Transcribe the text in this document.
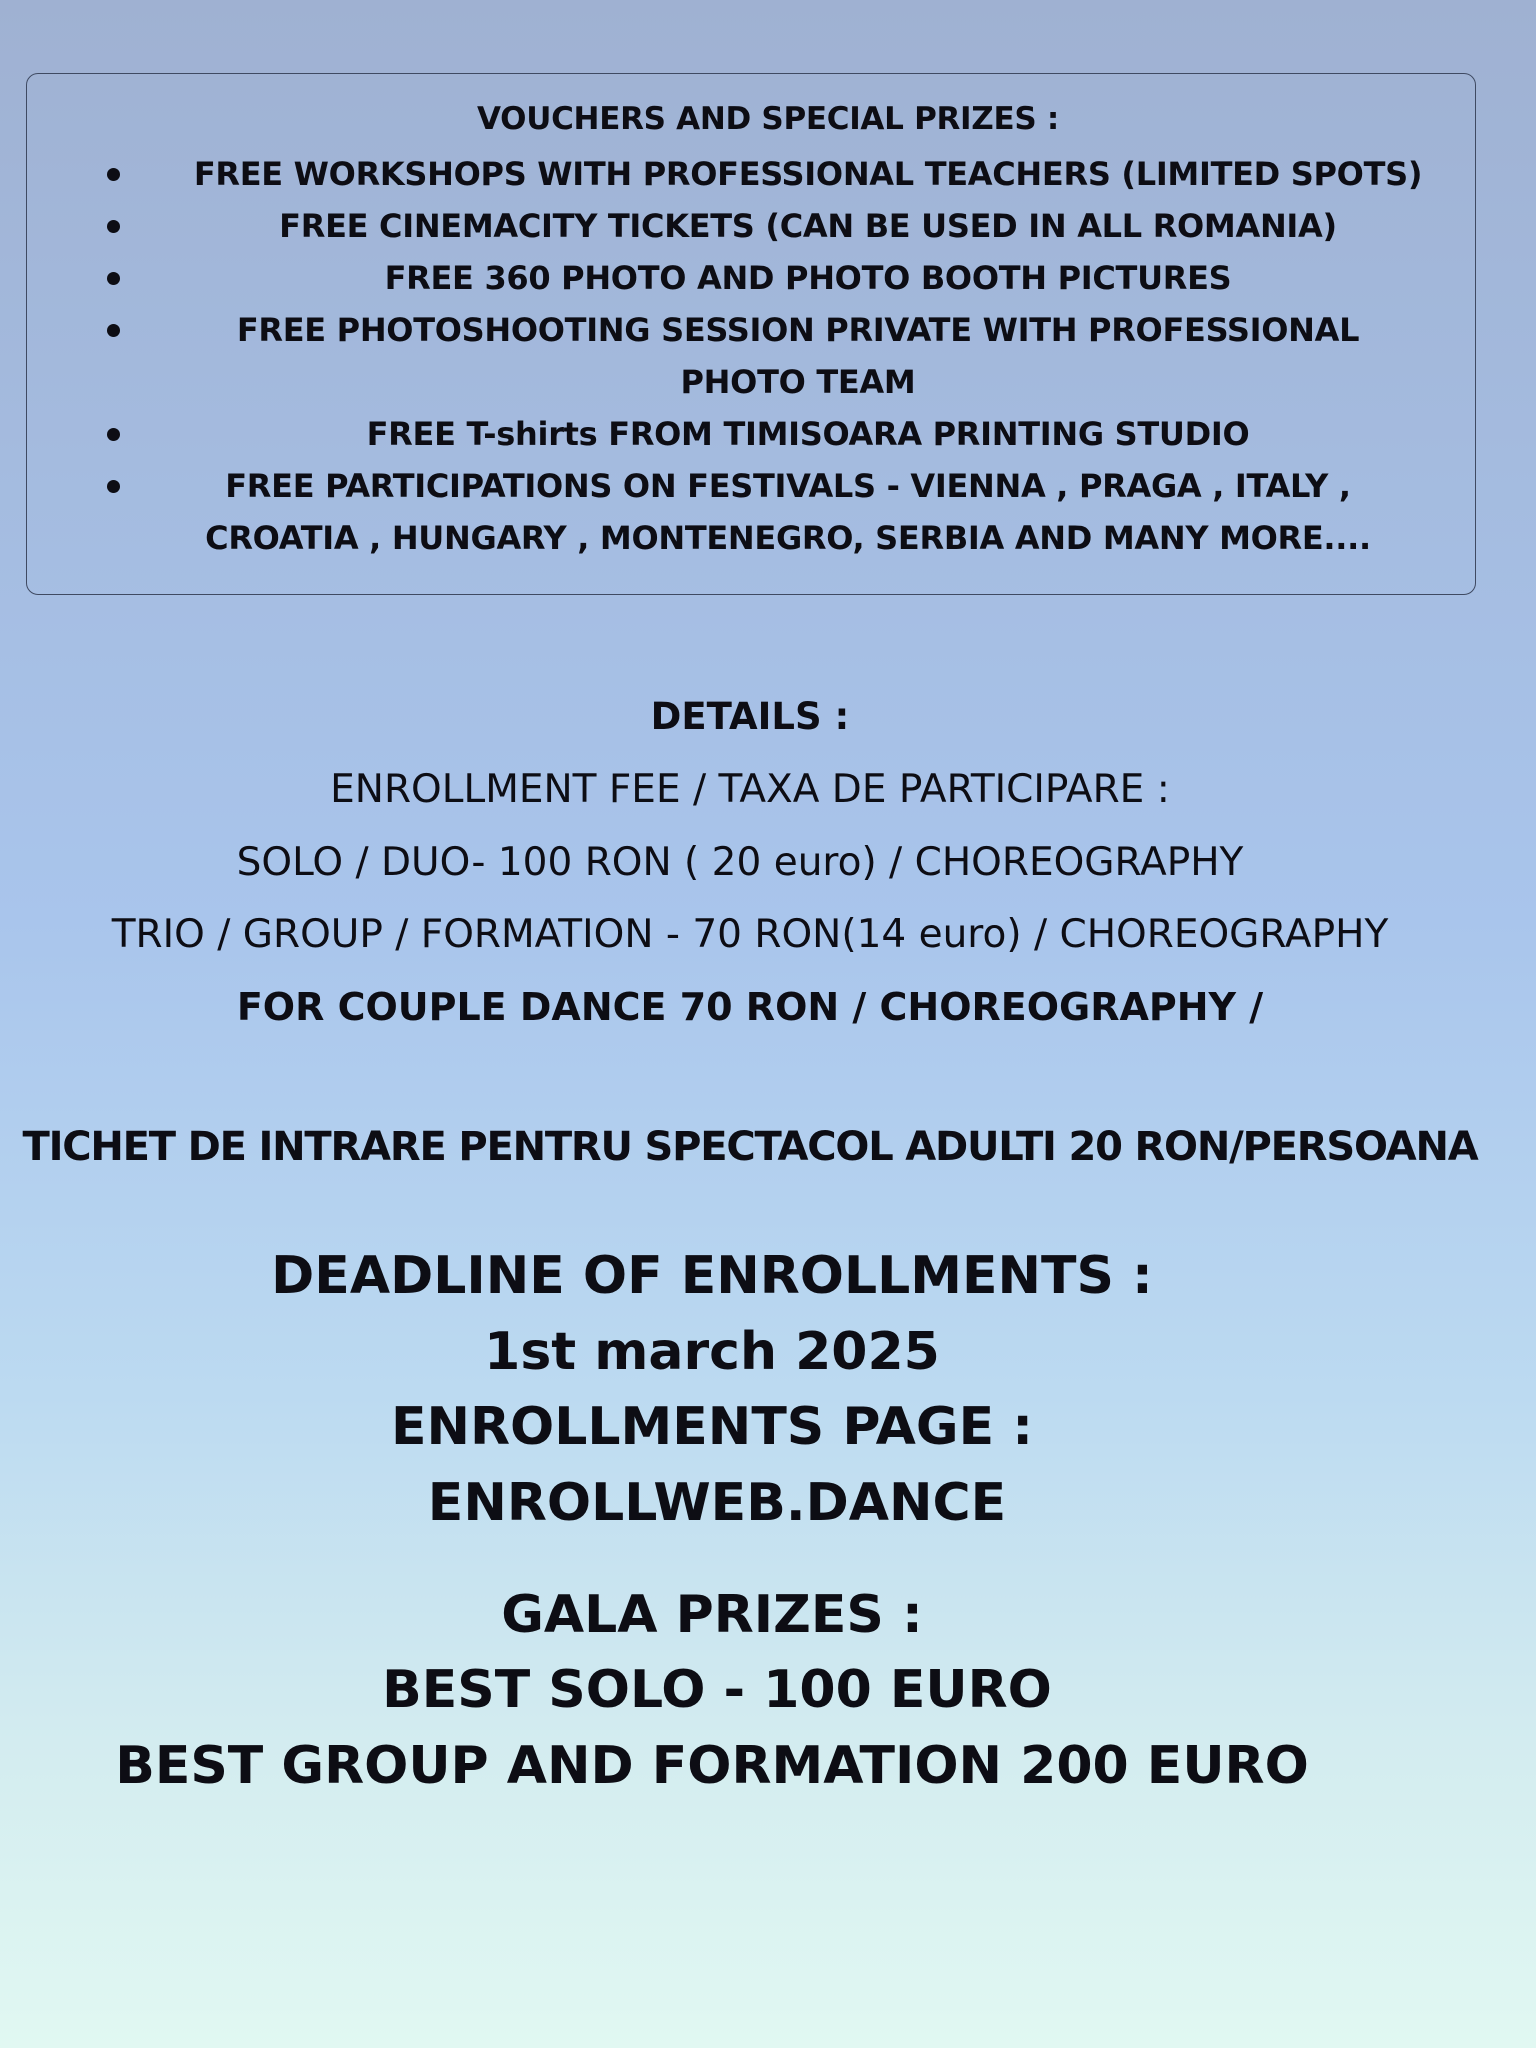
VOUCHERS AND SPECIAL PRIZES :
FREE WORKSHOPS WITH PROFESSIONAL TEACHERS (LIMITED SPOTS)
FREE CINEMACITY TICKETS (CAN BE USED IN ALL ROMANIA)
FREE 360 PHOTO AND PHOTO BOOTH PICTURES
FREE PHOTOSHOOTING SESSION PRIVATE WITH PROFESSIONAL PHOTO TEAM
FREE T-shirts FROM TIMISOARA PRINTING STUDIO
FREE PARTICIPATIONS ON FESTIVALS - VIENNA , PRAGA , ITALY , CROATIA , HUNGARY , MONTENEGRO, SERBIA AND MANY MORE....
DETAILS :
ENROLLMENT FEE / TAXA DE PARTICIPARE :
SOLO / DUO- 100 RON ( 20 euro) / CHOREOGRAPHY
TRIO / GROUP / FORMATION - 70 RON(14 euro) / CHOREOGRAPHY
FOR COUPLE DANCE 70 RON / CHOREOGRAPHY /
TICHET DE INTRARE PENTRU SPECTACOL ADULTI 20 RON/PERSOANA
DEADLINE OF ENROLLMENTS :
1st march 2025
ENROLLMENTS PAGE :
ENROLLWEB.DANCE
GALA PRIZES :
BEST SOLO - 100 EURO
BEST GROUP AND FORMATION 200 EURO
